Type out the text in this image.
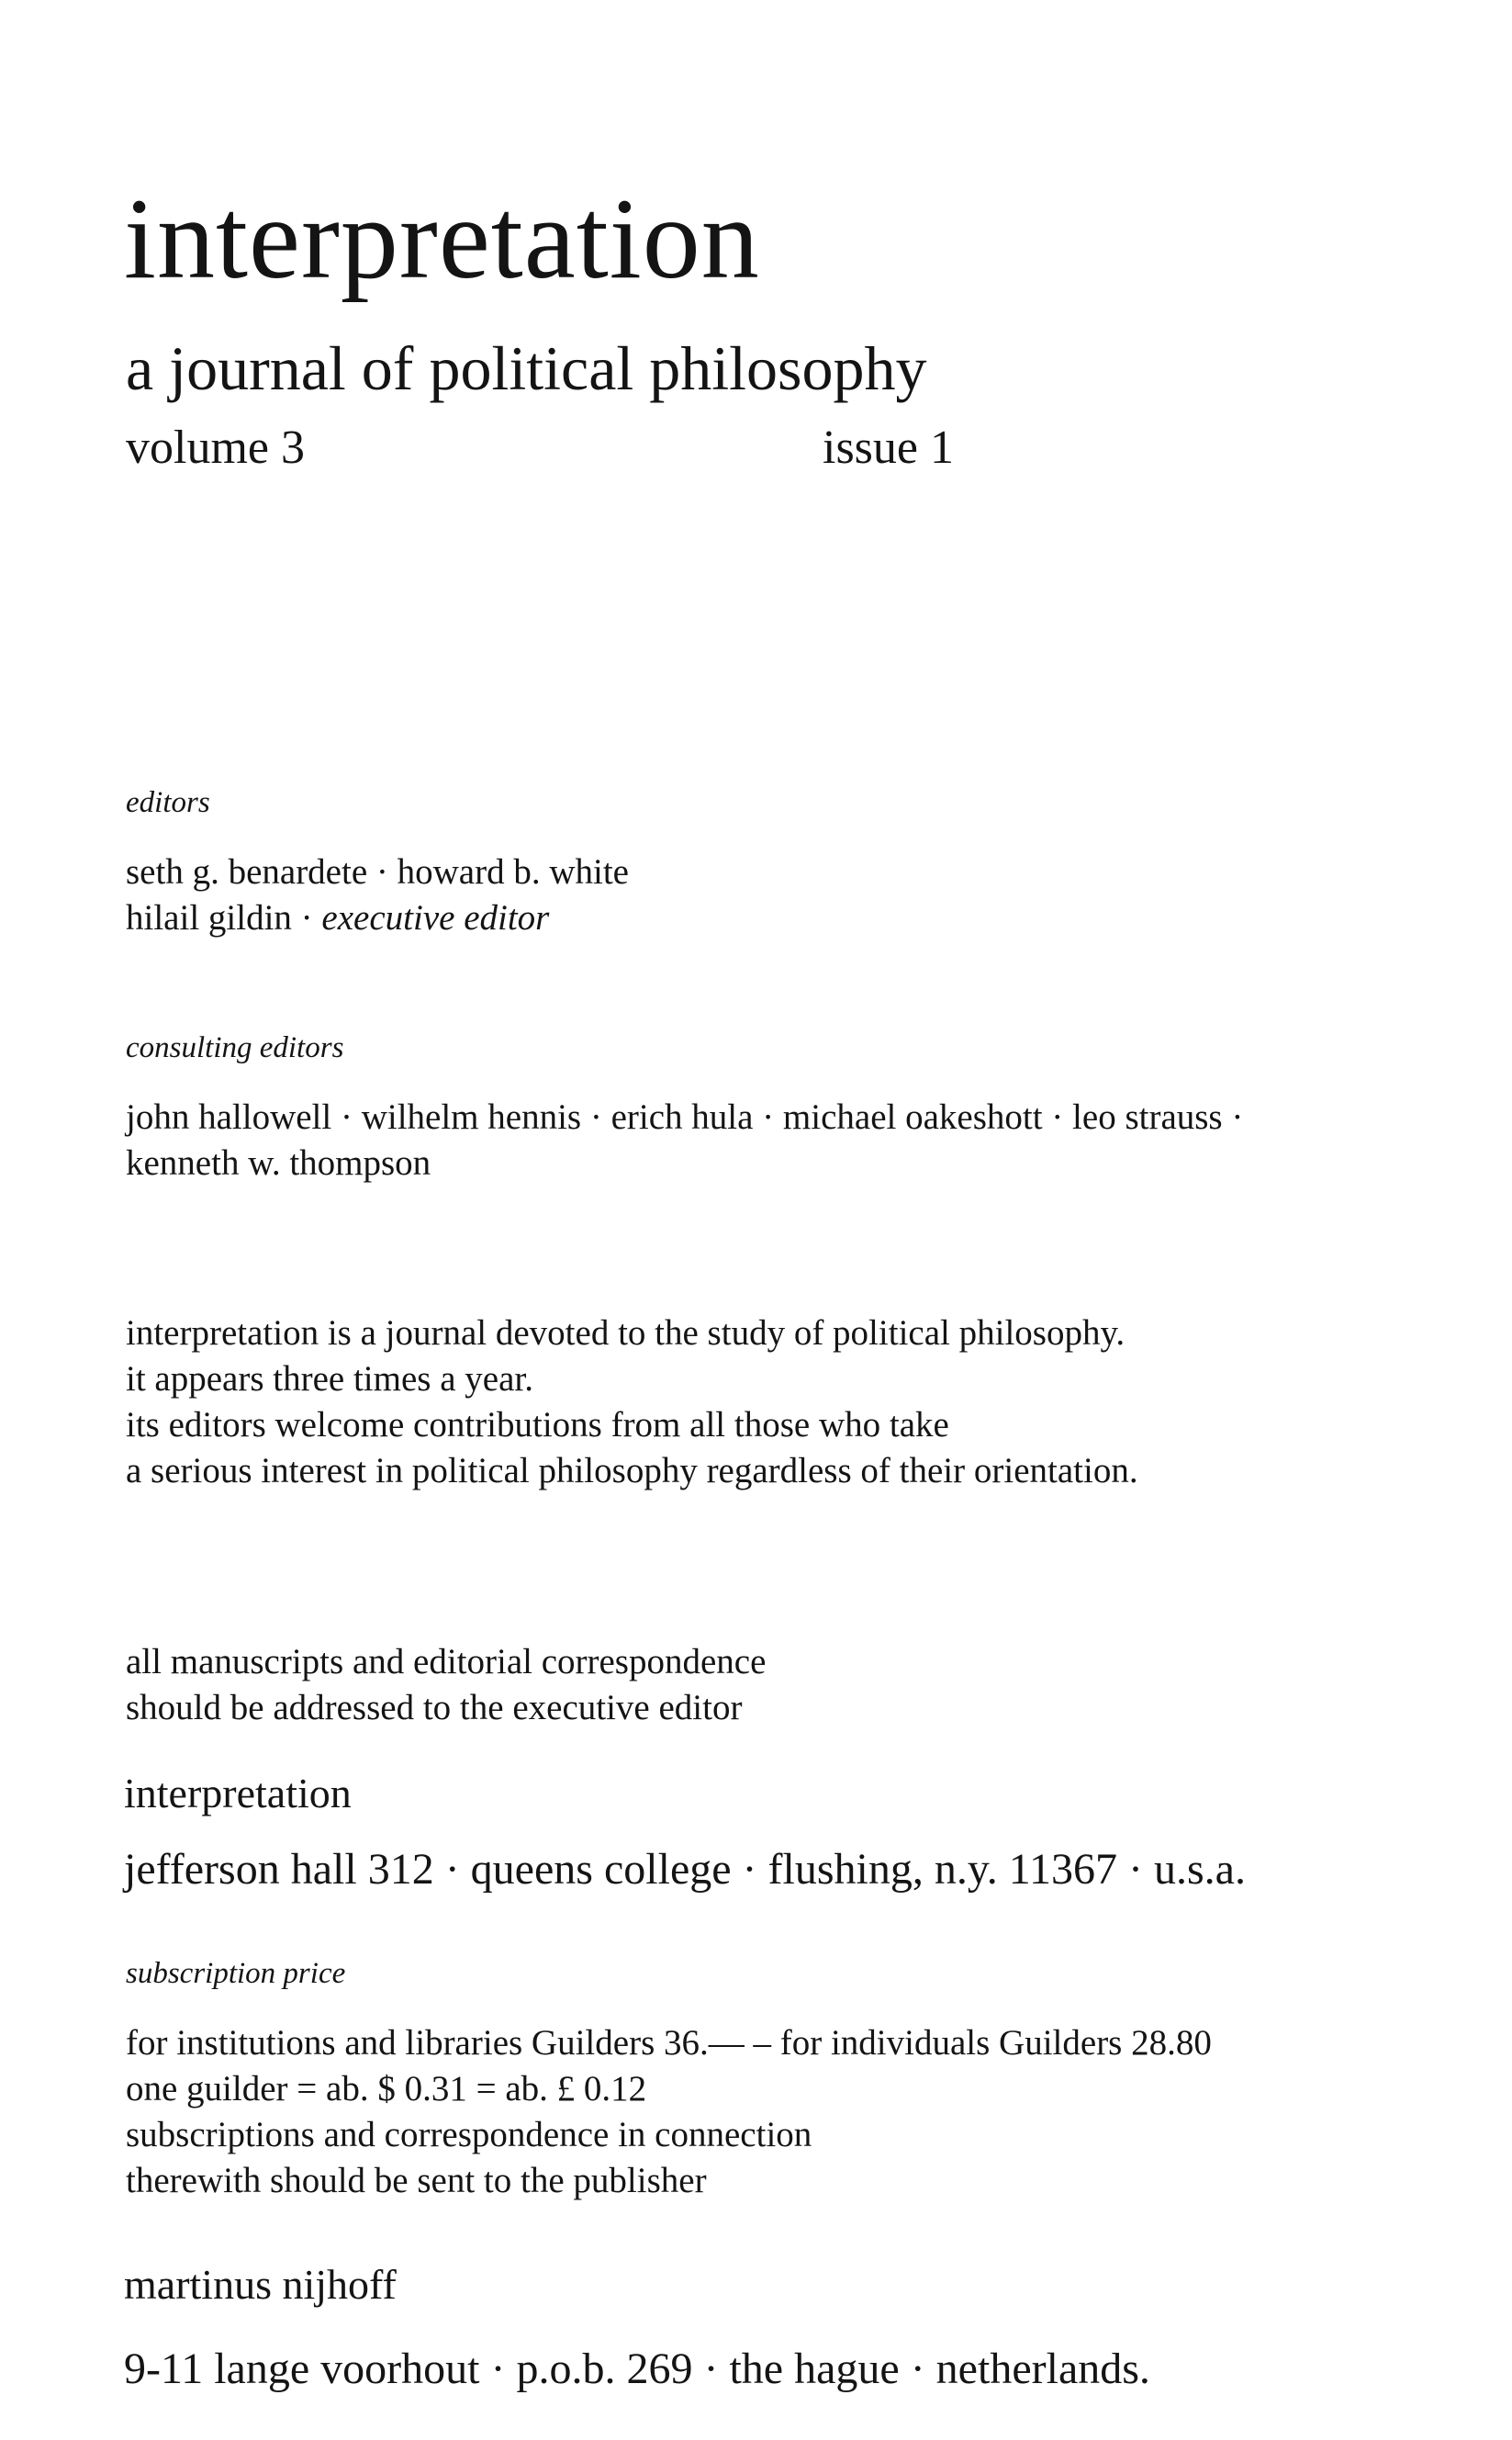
interpretation
a journal of political philosophy
volume 3	issue 1
editors
seth g. benardete · howard b. white
hilail gildin · executive editor
consulting editors
john hallowell · wilhelm hennis · erich hula · michael oakeshott · leo strauss ·
kenneth w. thompson
interpretation is a journal devoted to the study of political philosophy.
it appears three times a year.
its editors welcome contributions from all those who take
a serious interest in political philosophy regardless of their orientation.
all manuscripts and editorial correspondence
should be addressed to the executive editor
interpretation
jefferson hall 312 · queens college · flushing, n.y. 11367 · u.s.a.
subscription price
for institutions and libraries Guilders 36.— – for individuals Guilders 28.80
one guilder = ab. $ 0.31 = ab. £ 0.12
subscriptions and correspondence in connection
therewith should be sent to the publisher
martinus nijhoff
9-11 lange voorhout · p.o.b. 269 · the hague · netherlands.
